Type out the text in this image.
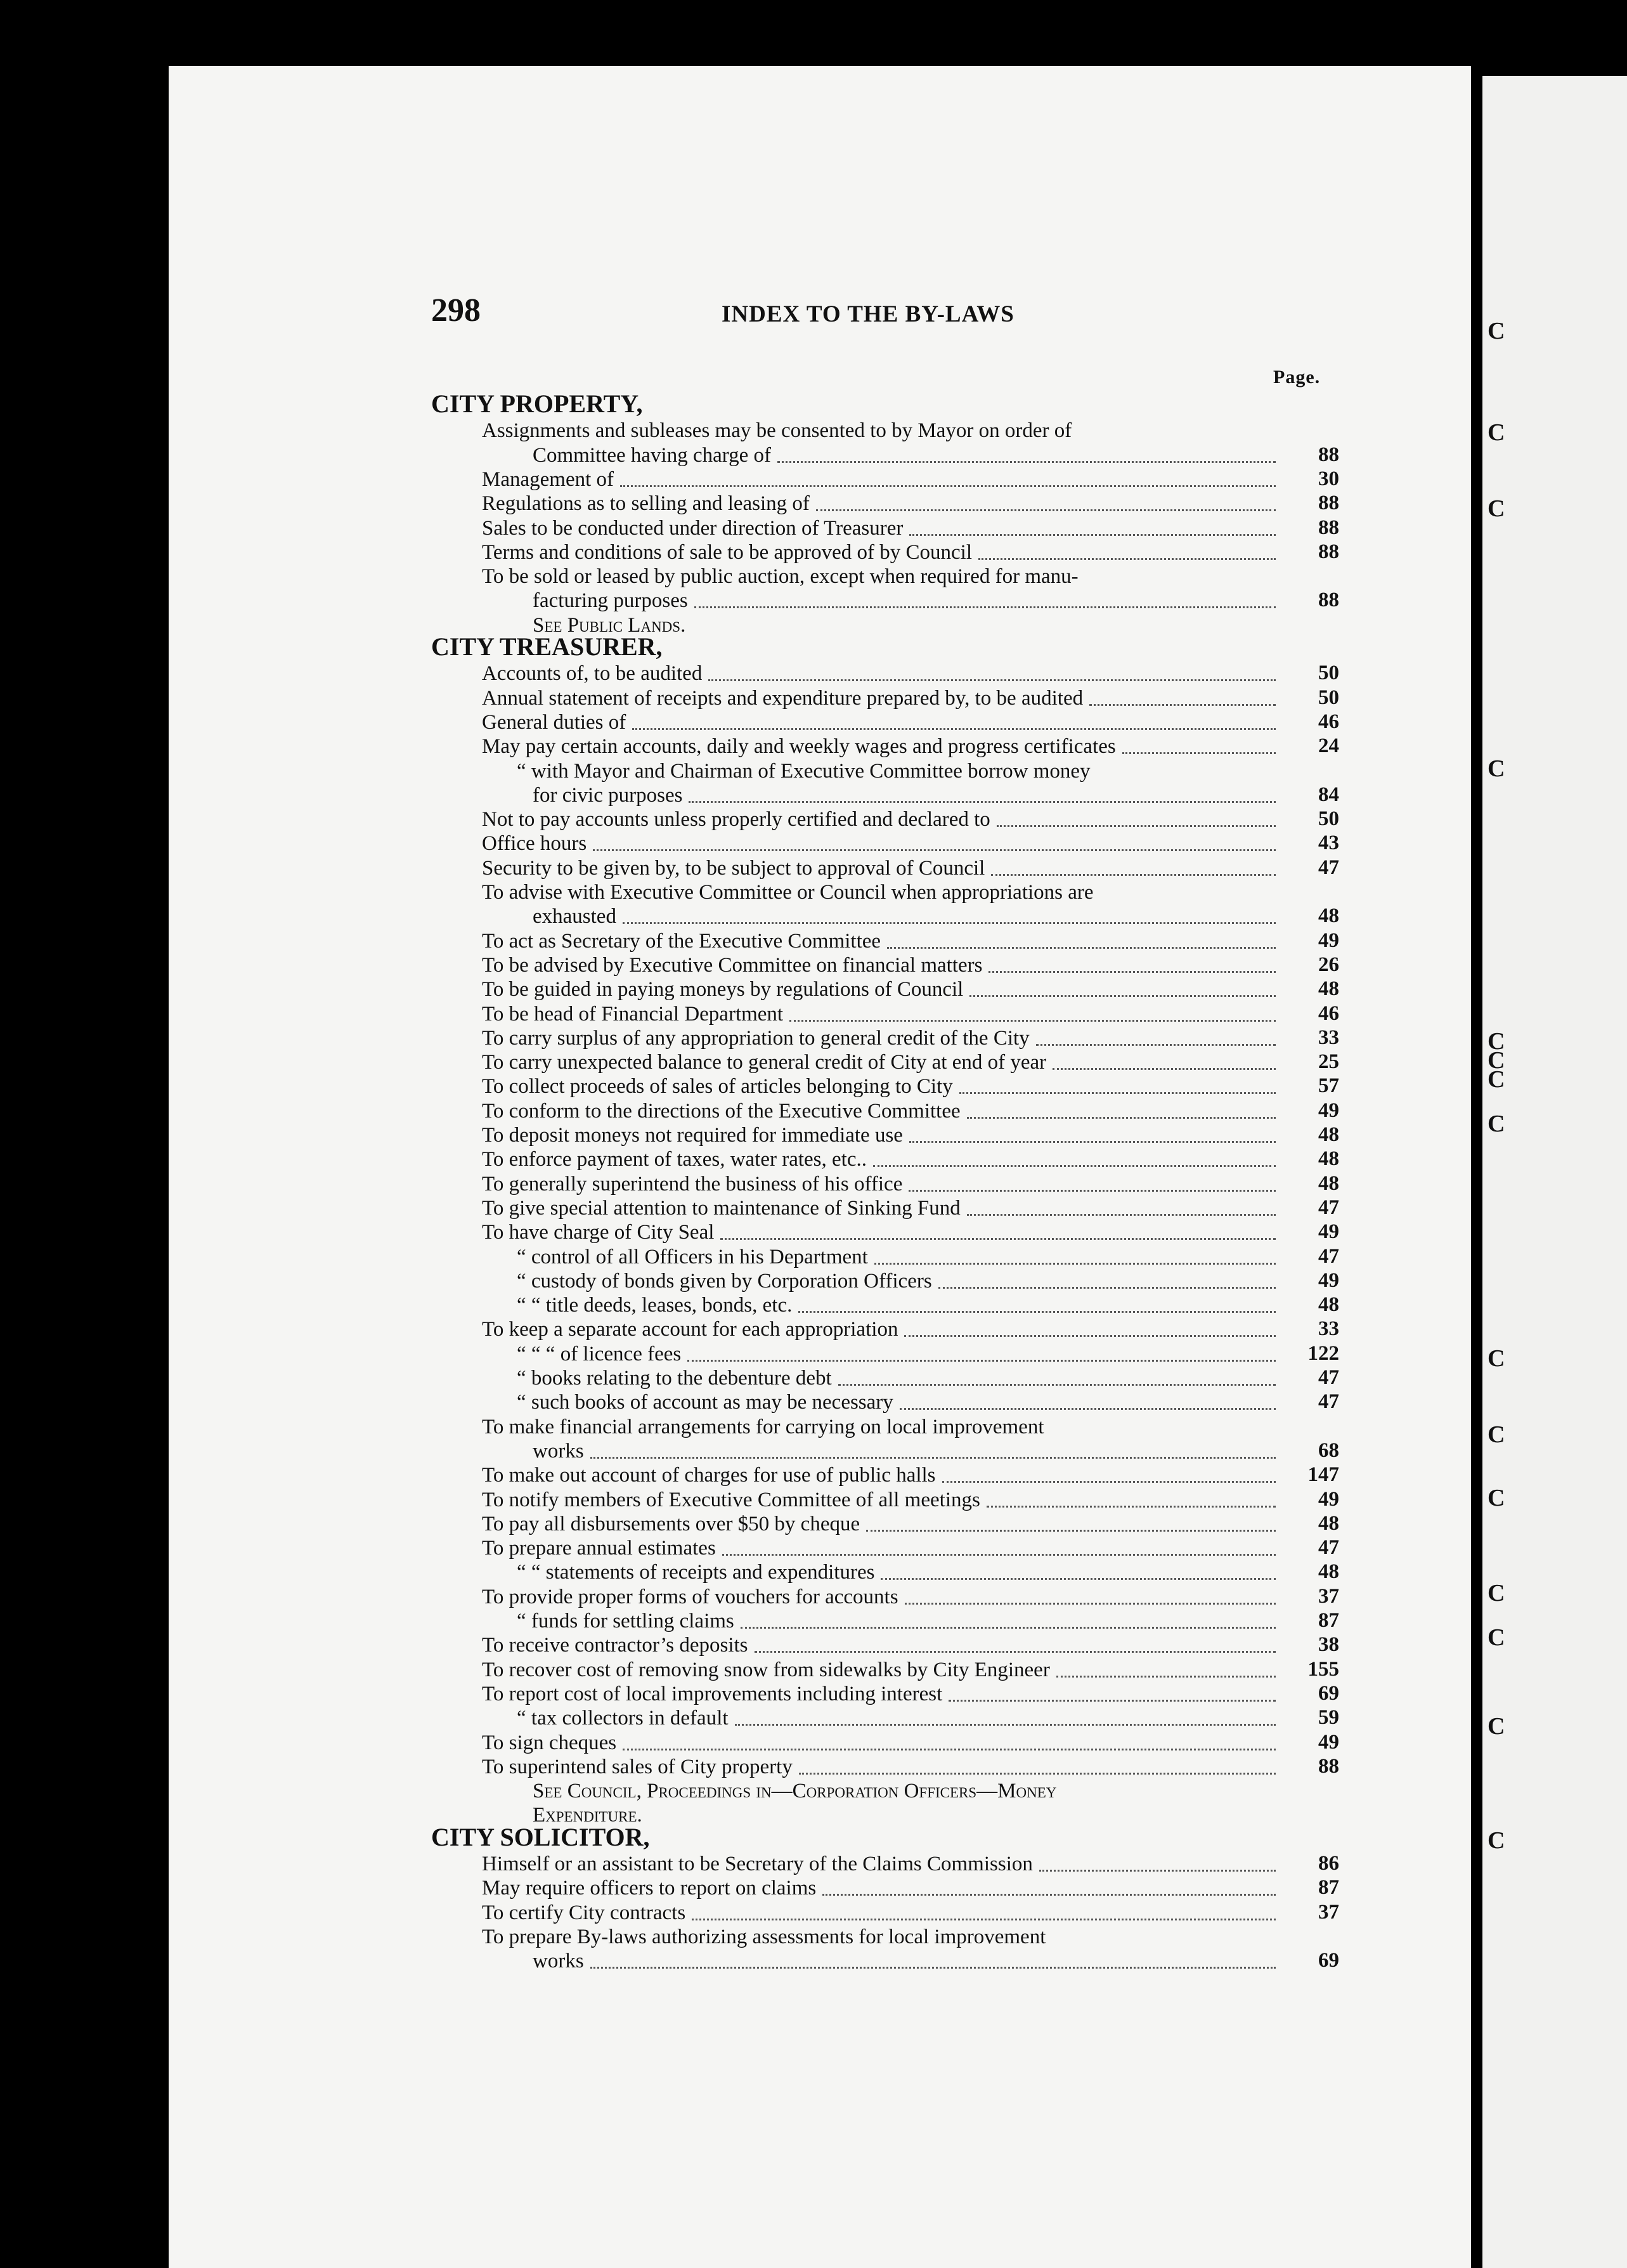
C
C
C
C
C
C
C
C
C
C
C
C
C
C
C
298	INDEX TO THE BY-LAWS
Page.
CITY PROPERTY,
Assignments and subleases may be consented to by Mayor on order of
Committee having charge of	88
Management of	30
Regulations as to selling and leasing of	88
Sales to be conducted under direction of Treasurer	88
Terms and conditions of sale to be approved of by Council	88
To be sold or leased by public auction, except when required for manu-
facturing purposes	88
See Public Lands.
CITY TREASURER,
Accounts of, to be audited	50
Annual statement of receipts and expenditure prepared by, to be audited	50
General duties of	46
May pay certain accounts, daily and weekly wages and progress certificates	24
“ with Mayor and Chairman of Executive Committee borrow money
for civic purposes	84
Not to pay accounts unless properly certified and declared to	50
Office hours	43
Security to be given by, to be subject to approval of Council	47
To advise with Executive Committee or Council when appropriations are
exhausted	48
To act as Secretary of the Executive Committee	49
To be advised by Executive Committee on financial matters	26
To be guided in paying moneys by regulations of Council	48
To be head of Financial Department	46
To carry surplus of any appropriation to general credit of the City	33
To carry unexpected balance to general credit of City at end of year	25
To collect proceeds of sales of articles belonging to City	57
To conform to the directions of the Executive Committee	49
To deposit moneys not required for immediate use	48
To enforce payment of taxes, water rates, etc..	48
To generally superintend the business of his office	48
To give special attention to maintenance of Sinking Fund	47
To have charge of City Seal	49
“ control of all Officers in his Department	47
“ custody of bonds given by Corporation Officers	49
“ “ title deeds, leases, bonds, etc.	48
To keep a separate account for each appropriation	33
“ “ “ of licence fees	122
“ books relating to the debenture debt	47
“ such books of account as may be necessary	47
To make financial arrangements for carrying on local improvement
works	68
To make out account of charges for use of public halls	147
To notify members of Executive Committee of all meetings	49
To pay all disbursements over $50 by cheque	48
To prepare annual estimates	47
“ “ statements of receipts and expenditures	48
To provide proper forms of vouchers for accounts	37
“ funds for settling claims	87
To receive contractor’s deposits	38
To recover cost of removing snow from sidewalks by City Engineer	155
To report cost of local improvements including interest	69
“ tax collectors in default	59
To sign cheques	49
To superintend sales of City property	88
See Council, Proceedings in—Corporation Officers—Money
Expenditure.
CITY SOLICITOR,
Himself or an assistant to be Secretary of the Claims Commission	86
May require officers to report on claims	87
To certify City contracts	37
To prepare By-laws authorizing assessments for local improvement
works	69
